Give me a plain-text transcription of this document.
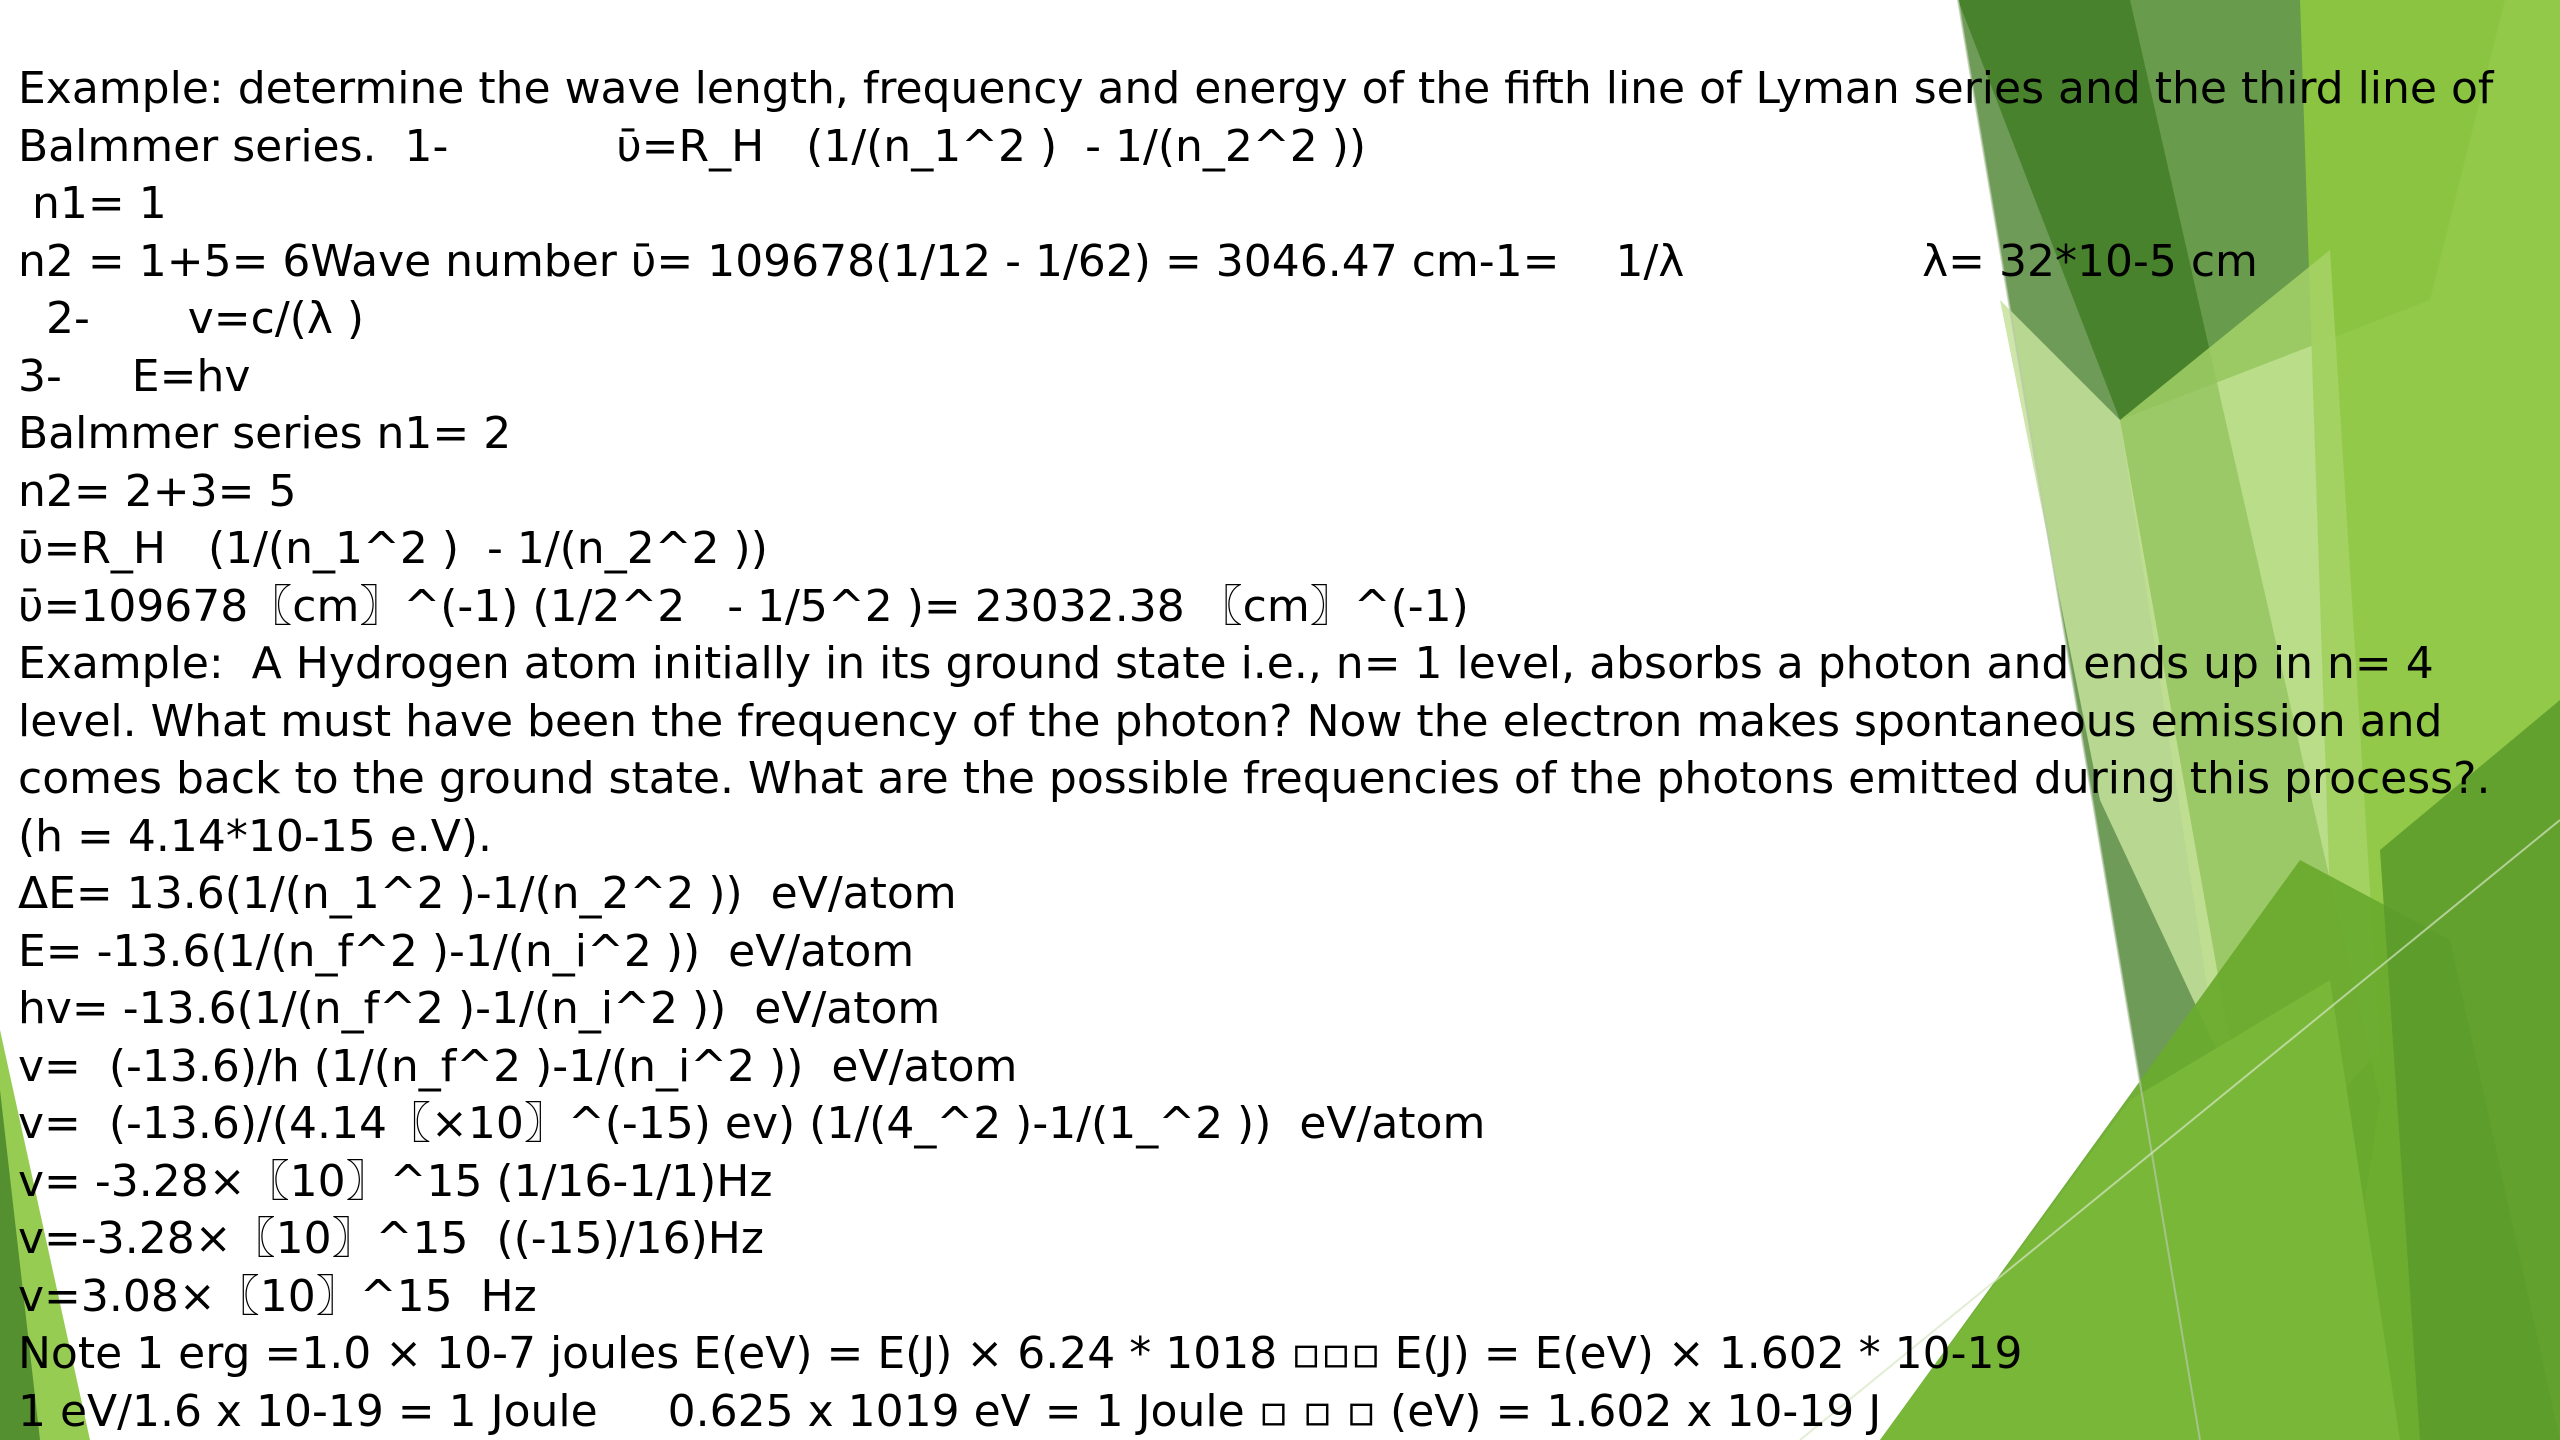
Example: determine the wave length, frequency and energy of the fifth line of Lyman series and the third line of
Balmmer series.  1-            ῡ=R_H   (1/(n_1^2 )  - 1/(n_2^2 ))
n1= 1
n2 = 1+5= 6Wave number ῡ= 109678(1/12 - 1/62) = 3046.47 cm-1=    1/λ                 λ= 32*10-5 cm
2-       v=c/(λ )
3-     E=hv
Balmmer series n1= 2
n2= 2+3= 5
ῡ=R_H   (1/(n_1^2 )  - 1/(n_2^2 ))
ῡ=109678〖cm〗^(-1) (1/2^2   - 1/5^2 )= 23032.38 〖cm〗^(-1)
Example:  A Hydrogen atom initially in its ground state i.e., n= 1 level, absorbs a photon and ends up in n= 4
level. What must have been the frequency of the photon? Now the electron makes spontaneous emission and
comes back to the ground state. What are the possible frequencies of the photons emitted during this process?.
(h = 4.14*10-15 e.V).
ΔE= 13.6(1/(n_1^2 )-1/(n_2^2 ))  eV/atom
E= -13.6(1/(n_f^2 )-1/(n_i^2 ))  eV/atom
hv= -13.6(1/(n_f^2 )-1/(n_i^2 ))  eV/atom
v=  (-13.6)/h (1/(n_f^2 )-1/(n_i^2 ))  eV/atom
v=  (-13.6)/(4.14〖×10〗^(-15) ev) (1/(4_^2 )-1/(1_^2 ))  eV/atom
v= -3.28×〖10〗^15 (1/16-1/1)Hz
v=-3.28×〖10〗^15  ((-15)/16)Hz
v=3.08×〖10〗^15  Hz
Note 1 erg =1.0 × 10-7 joules E(eV) = E(J) × 6.24 * 1018 ▫▫▫ E(J) = E(eV) × 1.602 * 10-19
1 eV/1.6 x 10-19 = 1 Joule     0.625 x 1019 eV = 1 Joule ▫ ▫ ▫ (eV) = 1.602 x 10-19 J
